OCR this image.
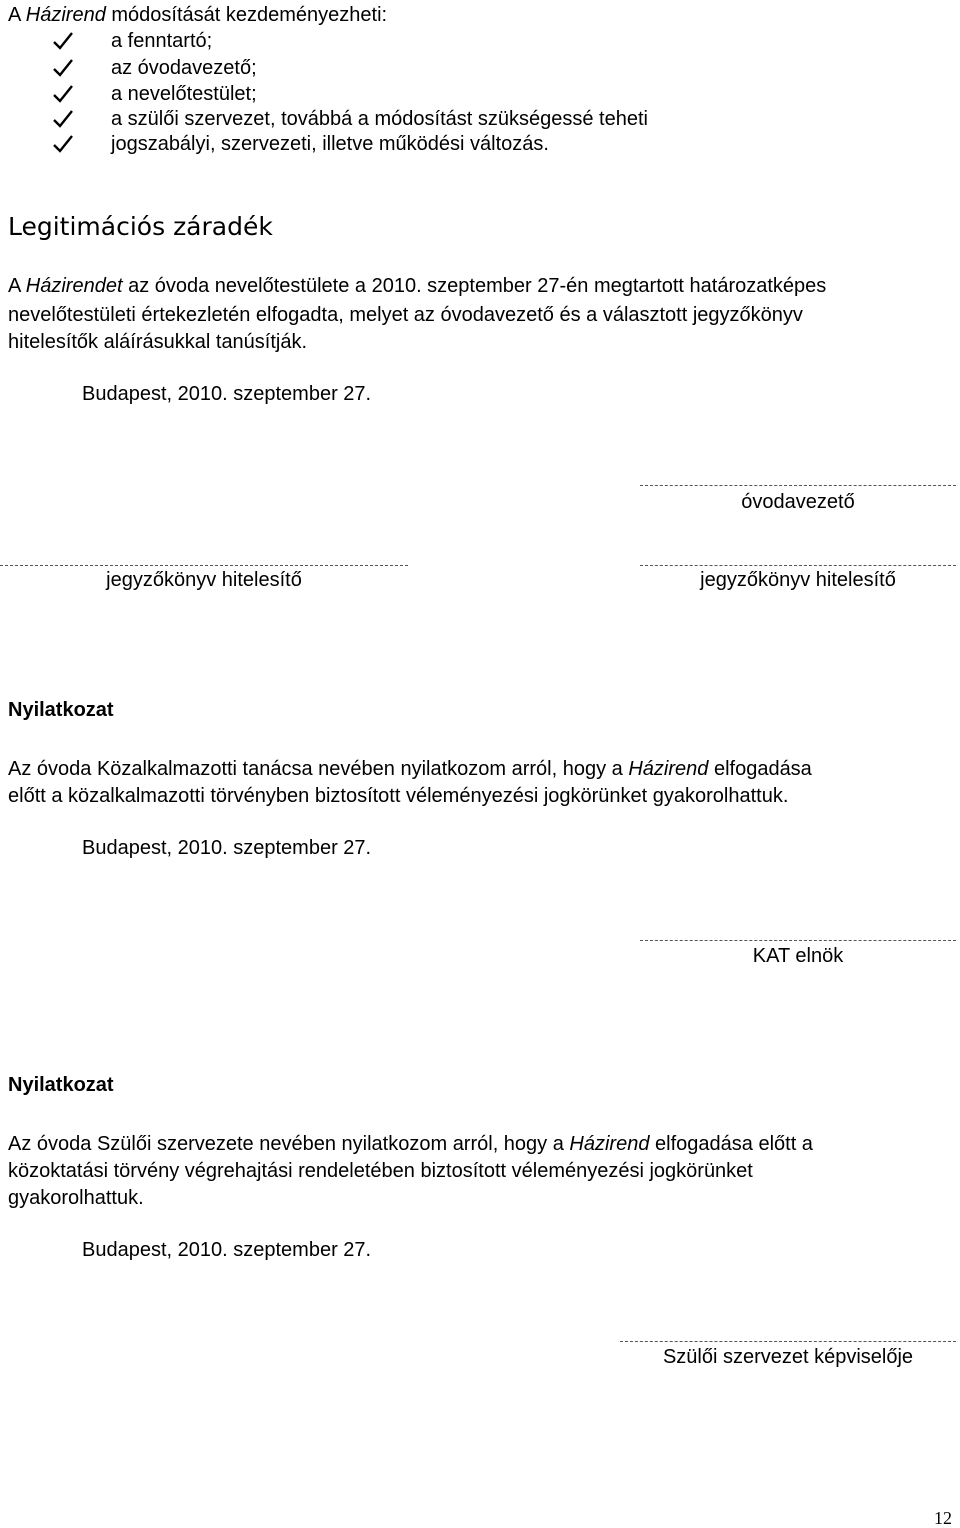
A Házirend módosítását kezdeményezheti:
a fenntartó;
az óvodavezető;
a nevelőtestület;
a szülői szervezet, továbbá a módosítást szükségessé teheti
jogszabályi, szervezeti, illetve működési változás.
Legitimációs záradék
A Házirendet az óvoda nevelőtestülete a 2010. szeptember 27-én megtartott határozatképes
nevelőtestületi értekezletén elfogadta, melyet az óvodavezető és a választott jegyzőkönyv
hitelesítők aláírásukkal tanúsítják.
Budapest, 2010. szeptember 27.
óvodavezető
jegyzőkönyv hitelesítő	jegyzőkönyv hitelesítő
Nyilatkozat
Az óvoda Közalkalmazotti tanácsa nevében nyilatkozom arról, hogy a Házirend elfogadása
előtt a közalkalmazotti törvényben biztosított véleményezési jogkörünket gyakorolhattuk.
Budapest, 2010. szeptember 27.
KAT elnök
Nyilatkozat
Az óvoda Szülői szervezete nevében nyilatkozom arról, hogy a Házirend elfogadása előtt a
közoktatási törvény végrehajtási rendeletében biztosított véleményezési jogkörünket
gyakorolhattuk.
Budapest, 2010. szeptember 27.
Szülői szervezet képviselője
12
